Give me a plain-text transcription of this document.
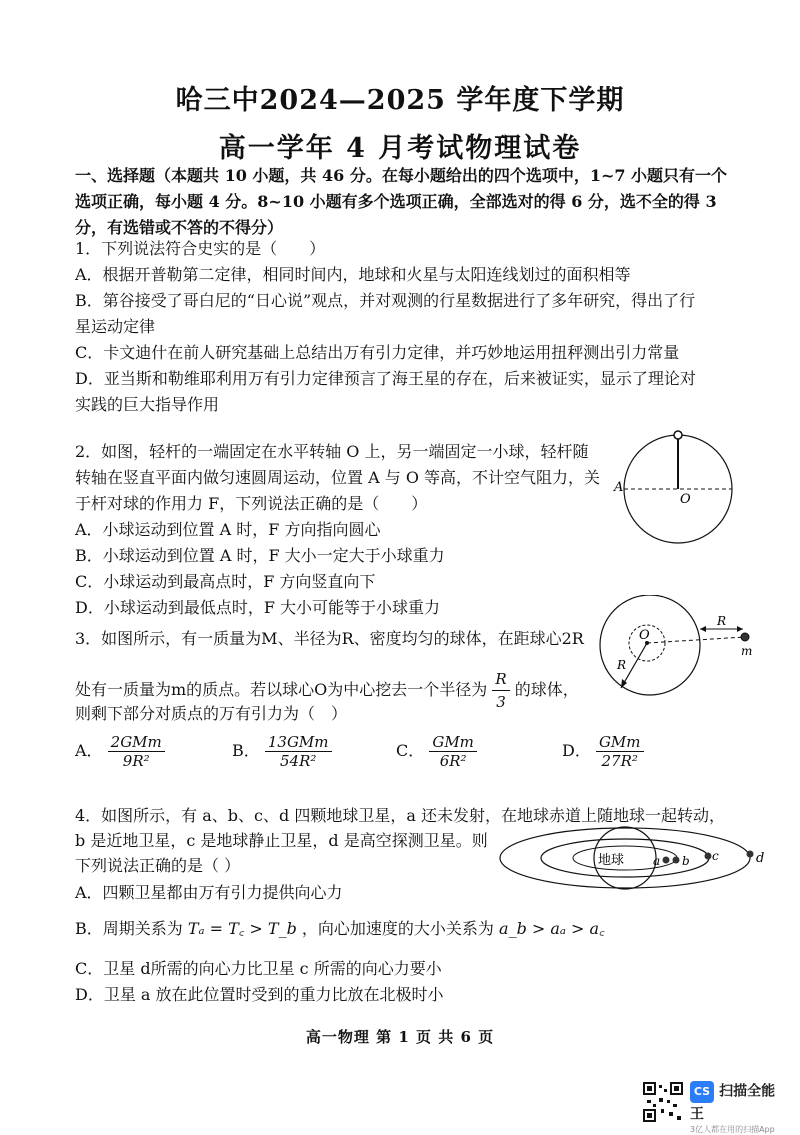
哈三中2024—2025 学年度下学期
高一学年 4 月考试物理试卷
一、选择题（本题共 10 小题，共 46 分。在每小题给出的四个选项中，1~7 小题只有一个
选项正确，每小题 4 分。8~10 小题有多个选项正确，全部选对的得 6 分，选不全的得 3
分，有选错或不答的不得分）
1．下列说法符合史实的是（　　）
A．根据开普勒第二定律，相同时间内，地球和火星与太阳连线划过的面积相等
B．第谷接受了哥白尼的“日心说”观点，并对观测的行星数据进行了多年研究，得出了行
星运动定律
C．卡文迪什在前人研究基础上总结出万有引力定律，并巧妙地运用扭秤测出引力常量
D．亚当斯和勒维耶利用万有引力定律预言了海王星的存在，后来被证实，显示了理论对
实践的巨大指导作用
2．如图，轻杆的一端固定在水平转轴 O 上，另一端固定一小球，轻杆随
转轴在竖直平面内做匀速圆周运动，位置 A 与 O 等高，不计空气阻力，关
于杆对球的作用力 F，下列说法正确的是（　　）
A．小球运动到位置 A 时，F 方向指向圆心
B．小球运动到位置 A 时，F 大小一定大于小球重力
C．小球运动到最高点时，F 方向竖直向下
D．小球运动到最低点时，F 大小可能等于小球重力
A
O
3．如图所示，有一质量为M、半径为R、密度均匀的球体，在距球心2R
处有一质量为m的质点。若以球心O为中心挖去一个半径为 $\frac{R}{3}$ 的球体，
则剩下部分对质点的万有引力为（　）
A． $\frac{\text{2GMm}}{\text{9R²}}$	B． $\frac{\text{13GMm}}{\text{54R²}}$	C． $\frac{\text{GMm}}{\text{6R²}}$	D． $\frac{\text{GMm}}{\text{27R²}}$
O
R
R
m
4．如图所示，有 a、b、c、d 四颗地球卫星，a 还未发射，在地球赤道上随地球一起转动，
b 是近地卫星，c 是地球静止卫星，d 是高空探测卫星。则
下列说法正确的是（ ）
A．四颗卫星都由万有引力提供向心力
B．周期关系为 Tₐ = T꜀ > T_b ，向心加速度的大小关系为 a_b > aₐ > a꜀
C．卫星 d所需的向心力比卫星 c 所需的向心力要小
D．卫星 a 放在此位置时受到的重力比放在北极时小
地球 a b c	d
高一物理 第 1 页 共 6 页
CS 扫描全能王
3亿人都在用的扫描App
